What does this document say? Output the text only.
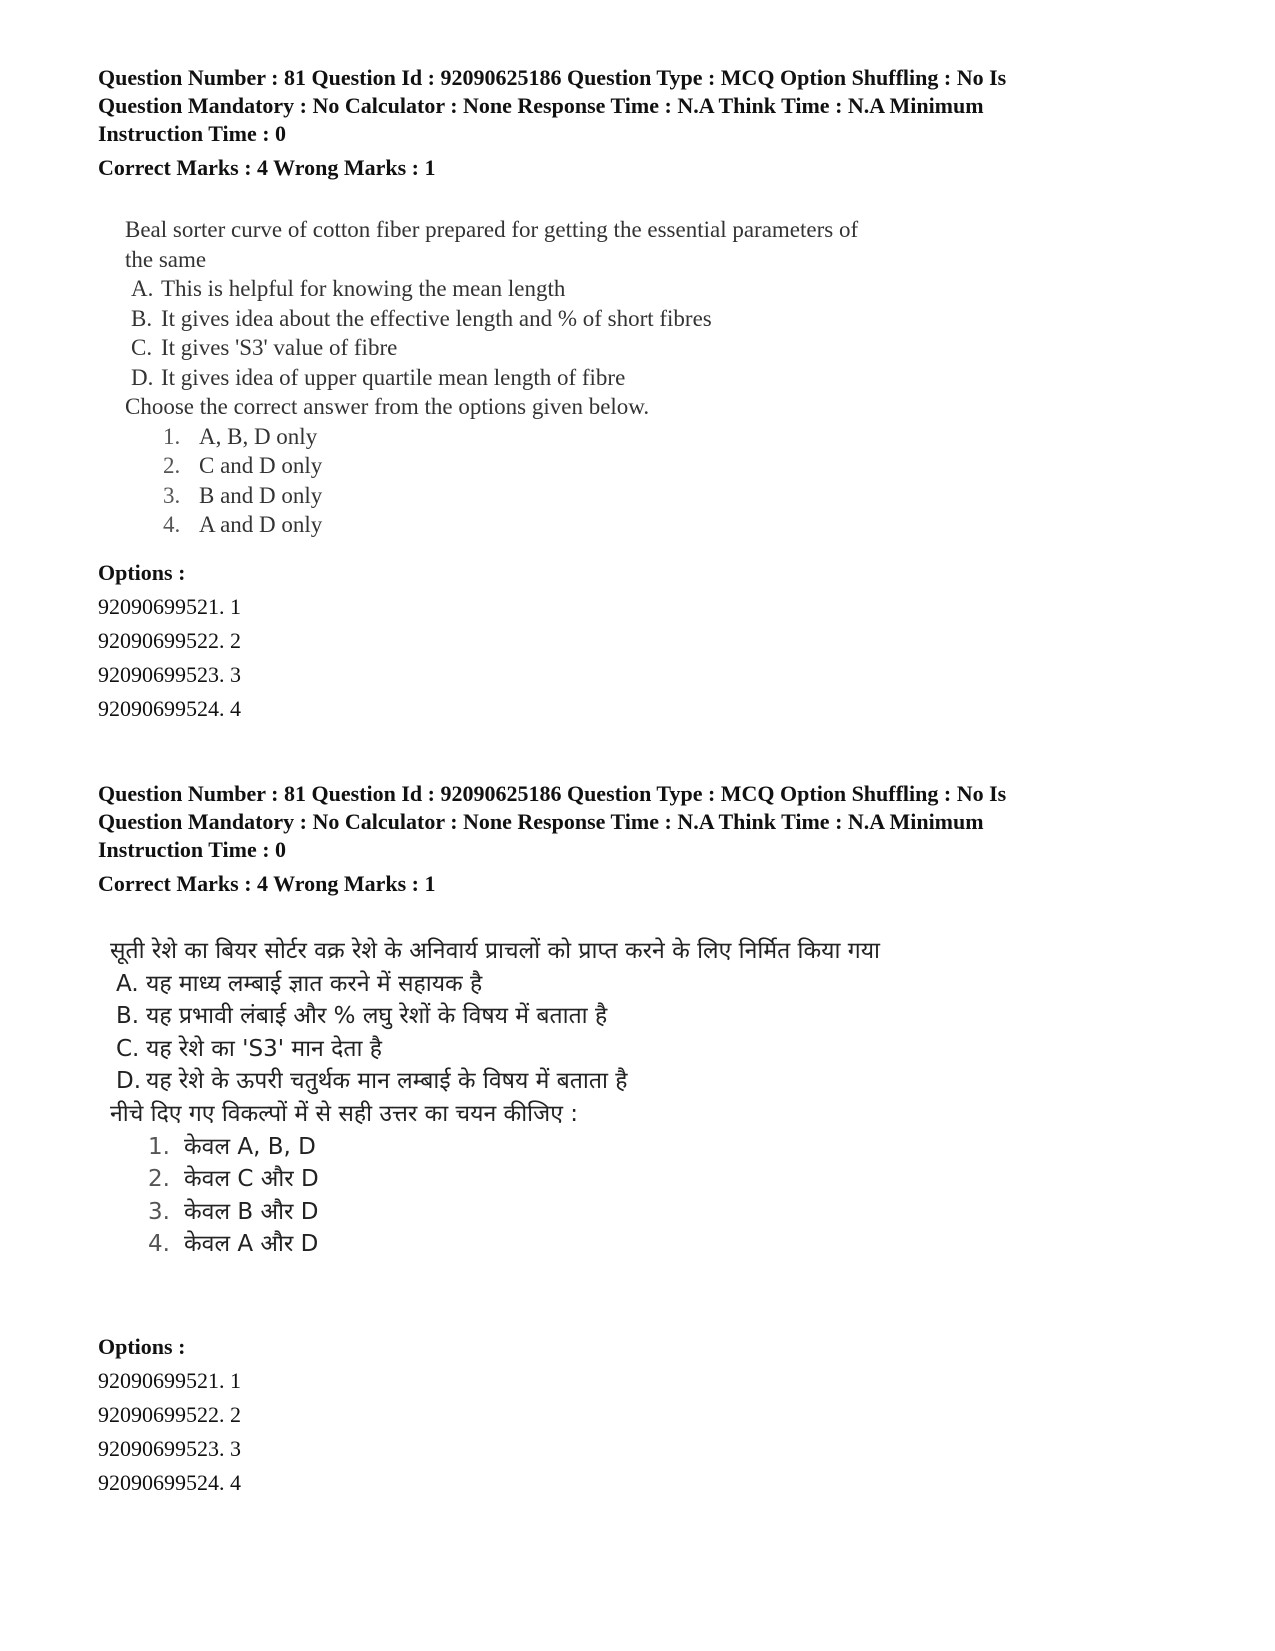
Question Number : 81 Question Id : 92090625186 Question Type : MCQ Option Shuffling : No Is

Question Mandatory : No Calculator : None Response Time : N.A Think Time : N.A Minimum

Instruction Time : 0

Correct Marks : 4 Wrong Marks : 1

Beal sorter curve of cotton fiber prepared for getting the essential parameters of the same

A. This is helpful for knowing the mean length

B. It gives idea about the effective length and % of short fibres

C. It gives 'S3' value of fibre

D. It gives idea of upper quartile mean length of fibre

Choose the correct answer from the options given below.

1. A, B, D only

2. C and D only

3. B and D only

4. A and D only

Options :

92090699521. 1

92090699522. 2

92090699523. 3

92090699524. 4

Question Number : 81 Question Id : 92090625186 Question Type : MCQ Option Shuffling : No Is

Question Mandatory : No Calculator : None Response Time : N.A Think Time : N.A Minimum

Instruction Time : 0

Correct Marks : 4 Wrong Marks : 1

सूती रेशे का बियर सोर्टर वक्र रेशे के अनिवार्य प्राचलों को प्राप्त करने के लिए निर्मित किया गया

A. यह माध्य लम्बाई ज्ञात करने में सहायक है

B. यह प्रभावी लंबाई और % लघु रेशों के विषय में बताता है

C. यह रेशे का 'S3' मान देता है

D. यह रेशे के ऊपरी चतुर्थक मान लम्बाई के विषय में बताता है

नीचे दिए गए विकल्पों में से सही उत्तर का चयन कीजिए :

1. केवल A, B, D

2. केवल C और D

3. केवल B और D

4. केवल A और D

Options :

92090699521. 1

92090699522. 2

92090699523. 3

92090699524. 4
